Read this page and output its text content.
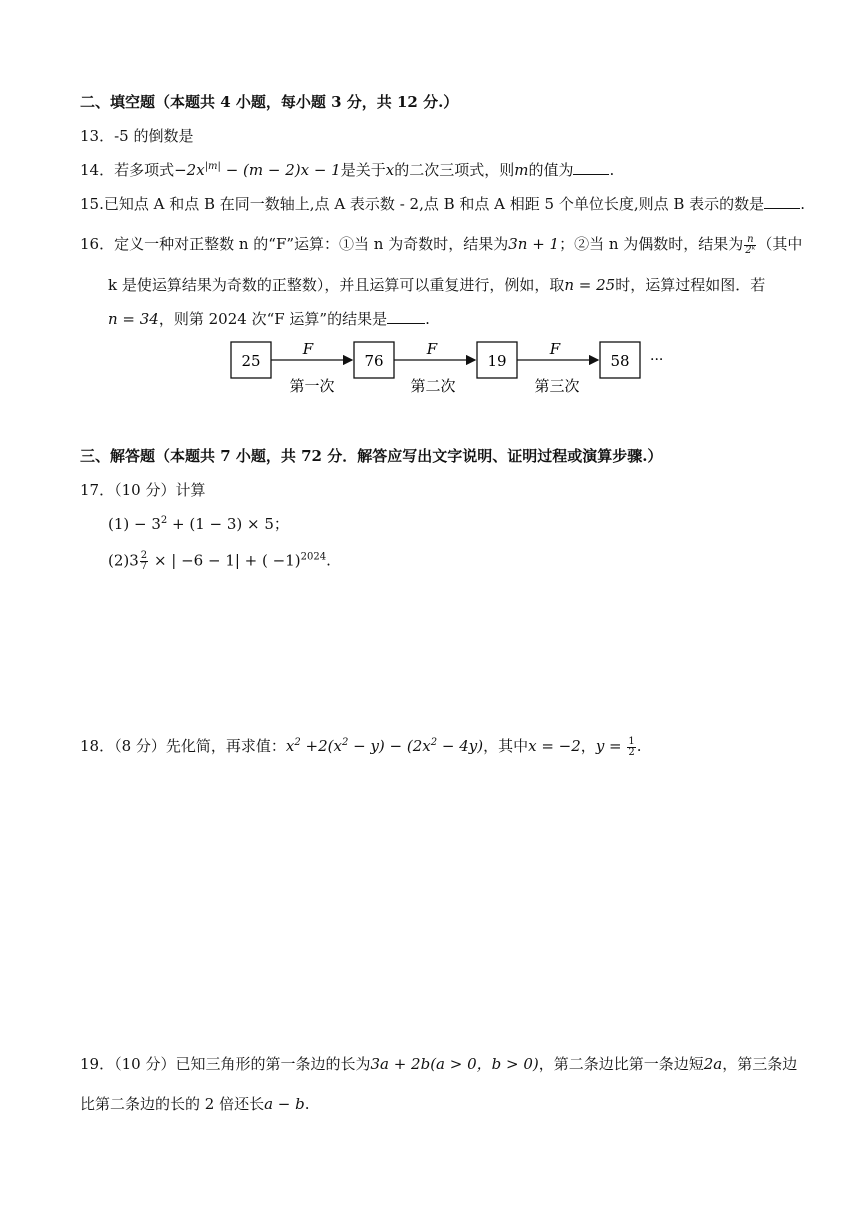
二、填空题（本题共 4 小题，每小题 3 分，共 12 分.）
13．-5 的倒数是
14．若多项式$-2x^{|m|} - (m - 2)x - 1$是关于x的二次三项式，则m的值为 .
15.已知点 A 和点 B 在同一数轴上,点 A 表示数 - 2,点 B 和点 A 相距 5 个单位长度,则点 B 表示的数是 .
16．定义一种对正整数 n 的“F”运算：①当 n 为奇数时，结果为3n + 1；②当 n 为偶数时，结果为 $\frac{n}{\text{2ᵏ}}$ （其中
k 是使运算结果为奇数的正整数），并且运算可以重复进行，例如，取n = 25时，运算过程如图．若
n = 34，则第 2024 次“F 运算”的结果是	.
25	76	19	58
F	F	F
第一次	第二次	第三次
···
三、解答题（本题共 7 小题，共 72 分．解答应写出文字说明、证明过程或演算步骤.）
17．（10 分）计算
$(1) - 3^2 + (1 - 3) \times 5$；
$(2)3 \frac{2}{7}$ × | −6 − 1| + ( −1)$^{2024}$.
18．（8 分）先化简，再求值：$x^2 +2(x^2 - y) - (2x^2 - 4y)$，其中x = −2，$y = \frac{1}{2}$ .
19．（10 分）已知三角形的第一条边的长为3a + 2b(a > 0，b > 0)，第二条边比第一条边短2a，第三条边
比第二条边的长的 2 倍还长a − b.
